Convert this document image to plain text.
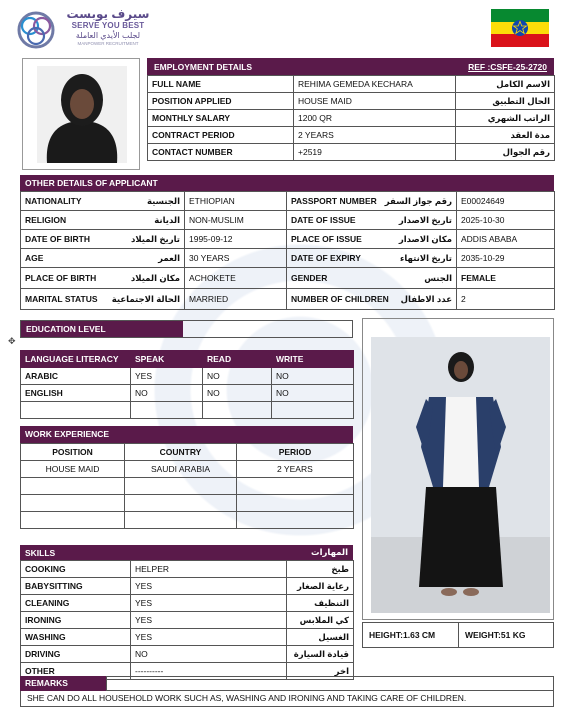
سيرف يوبست
SERVE YOU BEST
لجلب الأيدي العاملة
MANPOWER RECRUITMENT
EMPLOYMENT DETAILS	REF :CSFE-25-2720
FULL NAME	REHIMA GEMEDA KECHARA	الاسم الكامل
POSITION APPLIED	HOUSE MAID	الحال التطبيق
MONTHLY SALARY	1200 QR	الراتب الشهري
CONTRACT PERIOD	2 YEARS	مدة العقد
CONTACT NUMBER	+2519	رقم الجوال
OTHER DETAILS OF APPLICANT
NATIONALITY الجنسية	ETHIOPIAN	PASSPORT NUMBER رقم جواز السفر	E00024649

RELIGION الديانة	NON-MUSLIM	DATE OF ISSUE تاريخ الاصدار	2025-10-30

DATE OF BIRTH تاريخ الميلاد	1995-09-12	PLACE OF ISSUE مكان الاصدار	ADDIS ABABA

AGE العمر	30 YEARS	DATE OF EXPIRY تاريخ الانتهاء	2035-10-29

PLACE OF BIRTH مكان الميلاد	ACHOKETE	GENDER الجنس	FEMALE

MARITAL STATUS الحالة الاجتماعية	MARRIED	NUMBER OF CHILDREN عدد الاطفال	2
EDUCATION LEVEL
✥
LANGUAGE LITERACY	SPEAK	READ	WRITE
ARABIC	YES	NO	NO
ENGLISH	NO	NO	NO

WORK EXPERIENCE
POSITION	COUNTRY	PERIOD
HOUSE MAID	SAUDI ARABIA	2 YEARS

SKILLS	المهارات
COOKING	HELPER	طبخ
BABYSITTING	YES	رعاية الصغار
CLEANING	YES	التنظيف
IRONING	YES	كي الملابس
WASHING	YES	الغسيل
DRIVING	NO	قيادة السيارة
OTHER	----------	اخر
HEIGHT:1.63 CM	WEIGHT:51 KG
REMARKS
SHE CAN DO ALL HOUSEHOLD WORK SUCH AS, WASHING AND IRONING AND TAKING CARE OF CHILDREN.
